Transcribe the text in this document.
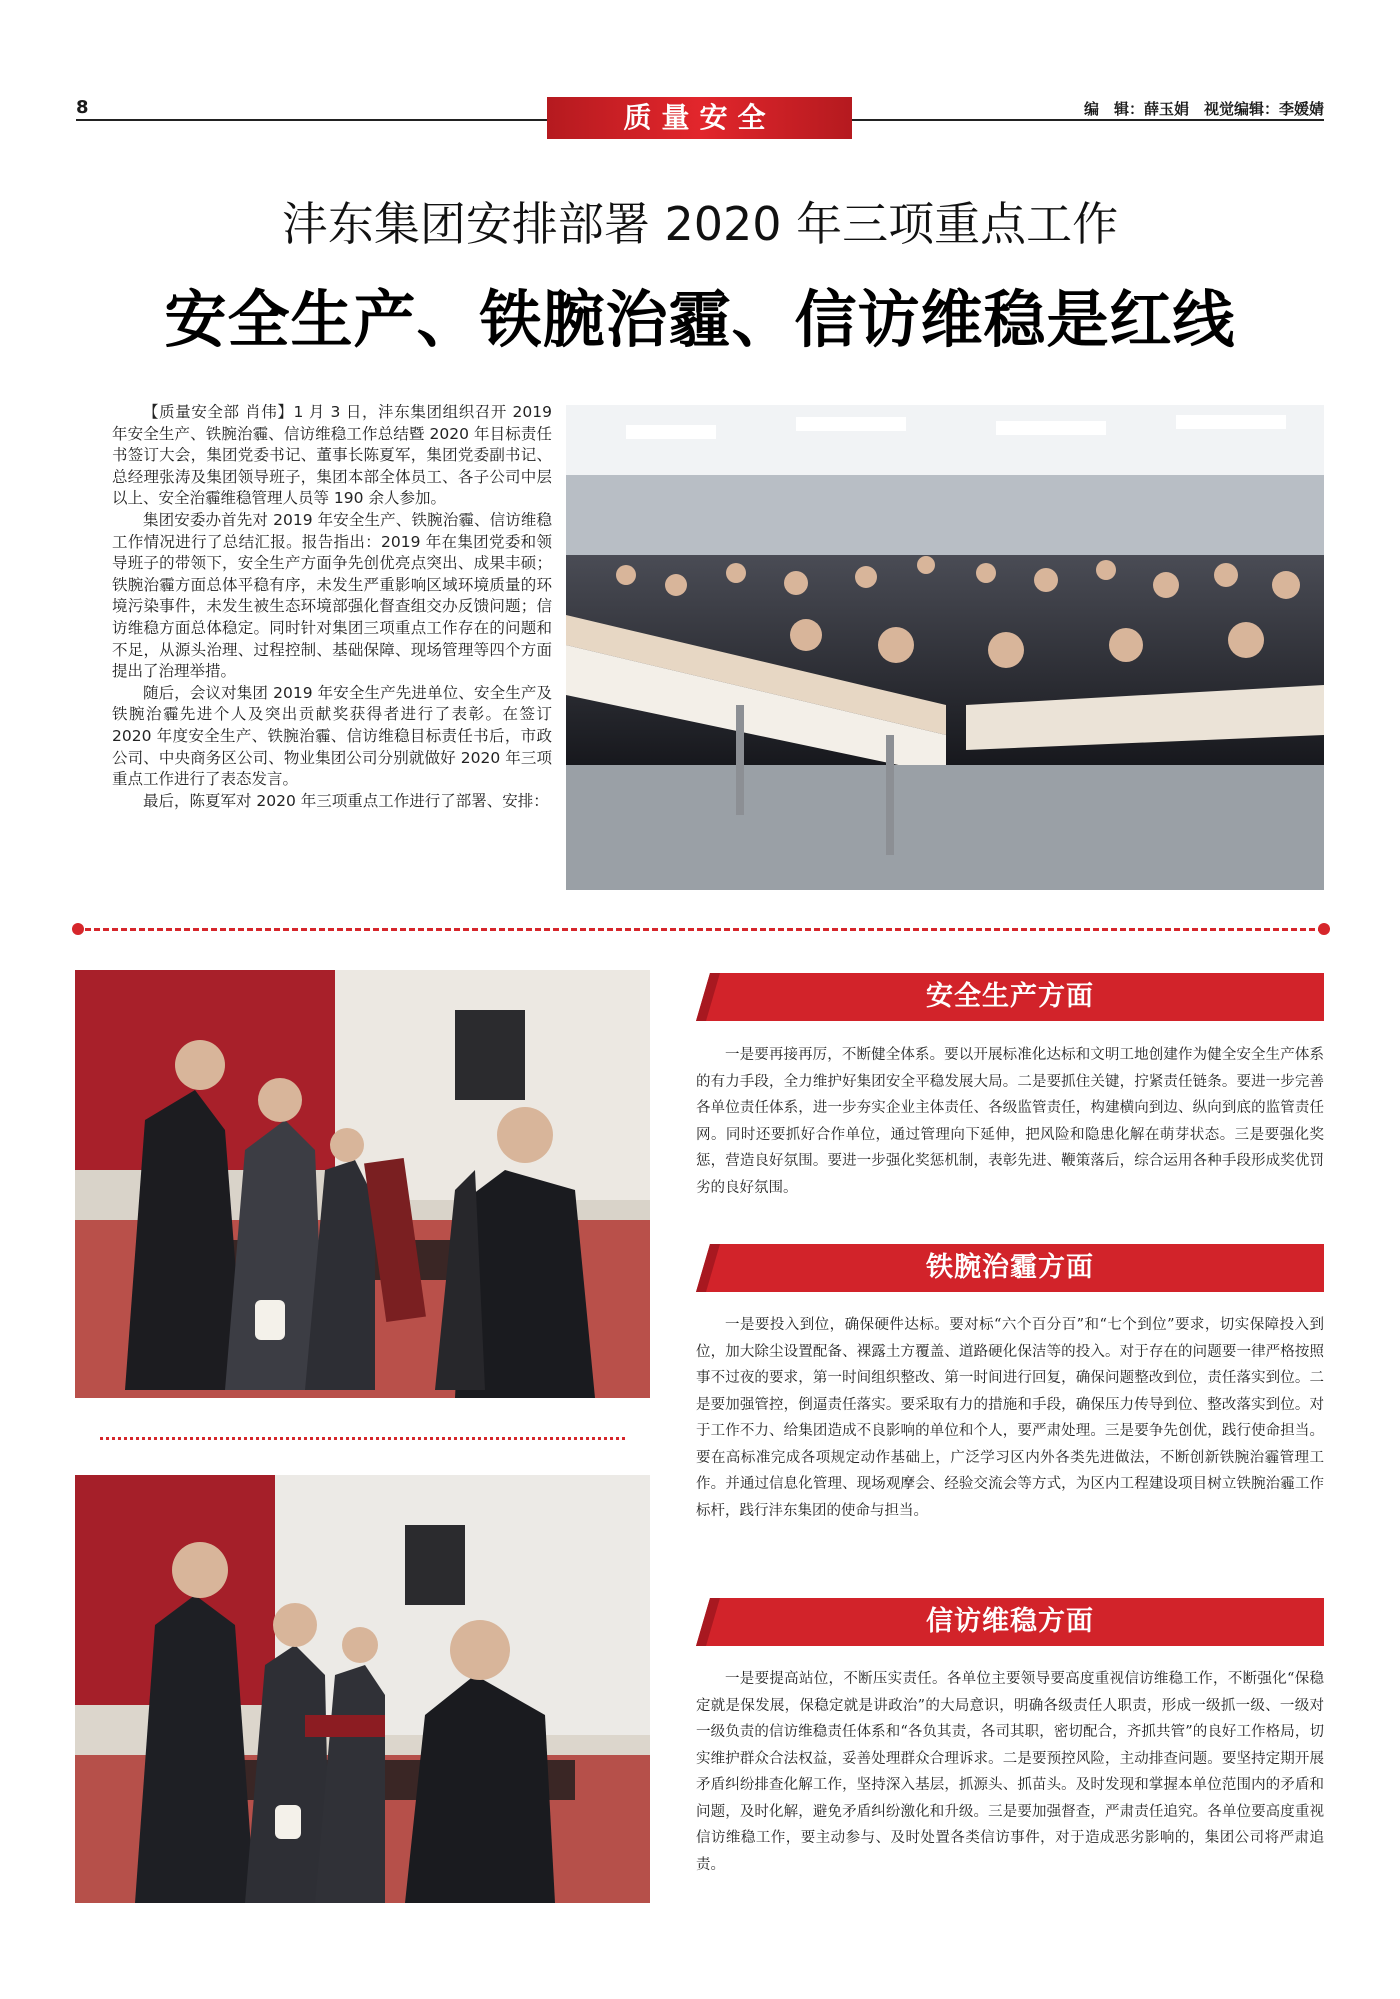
8	质量安全	编　辑：薛玉娟　视觉编辑：李媛婧
沣东集团安排部署 2020 年三项重点工作
安全生产、铁腕治霾、信访维稳是红线

【质量安全部 肖伟】1 月 3 日，沣东集团组织召开 2019 年安全生产、铁腕治霾、信访维稳工作总结暨 2020 年目标责任书签订大会，集团党委书记、董事长陈夏军，集团党委副书记、总经理张涛及集团领导班子，集团本部全体员工、各子公司中层以上、安全治霾维稳管理人员等 190 余人参加。

集团安委办首先对 2019 年安全生产、铁腕治霾、信访维稳工作情况进行了总结汇报。报告指出：2019 年在集团党委和领导班子的带领下，安全生产方面争先创优亮点突出、成果丰硕；铁腕治霾方面总体平稳有序，未发生严重影响区域环境质量的环境污染事件，未发生被生态环境部强化督查组交办反馈问题；信访维稳方面总体稳定。同时针对集团三项重点工作存在的问题和不足，从源头治理、过程控制、基础保障、现场管理等四个方面提出了治理举措。

随后，会议对集团 2019 年安全生产先进单位、安全生产及铁腕治霾先进个人及突出贡献奖获得者进行了表彰。在签订 2020 年度安全生产、铁腕治霾、信访维稳目标责任书后，市政公司、中央商务区公司、物业集团公司分别就做好 2020 年三项重点工作进行了表态发言。

最后，陈夏军对 2020 年三项重点工作进行了部署、安排：

安全生产方面

一是要再接再厉，不断健全体系。要以开展标准化达标和文明工地创建作为健全安全生产体系的有力手段，全力维护好集团安全平稳发展大局。二是要抓住关键，拧紧责任链条。要进一步完善各单位责任体系，进一步夯实企业主体责任、各级监管责任，构建横向到边、纵向到底的监管责任网。同时还要抓好合作单位，通过管理向下延伸，把风险和隐患化解在萌芽状态。三是要强化奖惩，营造良好氛围。要进一步强化奖惩机制，表彰先进、鞭策落后，综合运用各种手段形成奖优罚劣的良好氛围。

铁腕治霾方面

一是要投入到位，确保硬件达标。要对标“六个百分百”和“七个到位”要求，切实保障投入到位，加大除尘设置配备、裸露土方覆盖、道路硬化保洁等的投入。对于存在的问题要一律严格按照事不过夜的要求，第一时间组织整改、第一时间进行回复，确保问题整改到位，责任落实到位。二是要加强管控，倒逼责任落实。要采取有力的措施和手段，确保压力传导到位、整改落实到位。对于工作不力、给集团造成不良影响的单位和个人，要严肃处理。三是要争先创优，践行使命担当。要在高标准完成各项规定动作基础上，广泛学习区内外各类先进做法，不断创新铁腕治霾管理工作。并通过信息化管理、现场观摩会、经验交流会等方式，为区内工程建设项目树立铁腕治霾工作标杆，践行沣东集团的使命与担当。

信访维稳方面

一是要提高站位，不断压实责任。各单位主要领导要高度重视信访维稳工作，不断强化“保稳定就是保发展，保稳定就是讲政治”的大局意识，明确各级责任人职责，形成一级抓一级、一级对一级负责的信访维稳责任体系和“各负其责，各司其职，密切配合，齐抓共管”的良好工作格局，切实维护群众合法权益，妥善处理群众合理诉求。二是要预控风险，主动排查问题。要坚持定期开展矛盾纠纷排查化解工作，坚持深入基层，抓源头、抓苗头。及时发现和掌握本单位范围内的矛盾和问题，及时化解，避免矛盾纠纷激化和升级。三是要加强督查，严肃责任追究。各单位要高度重视信访维稳工作，要主动参与、及时处置各类信访事件，对于造成恶劣影响的，集团公司将严肃追责。
